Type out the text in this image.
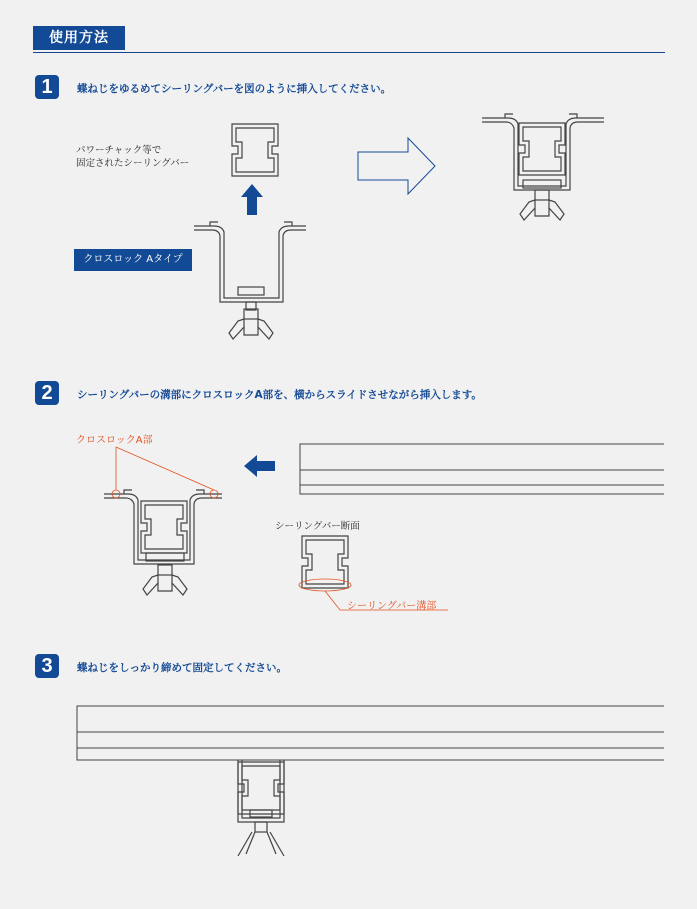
使用方法
1	蝶ねじをゆるめてシーリングバーを図のように挿入してください。
2	シーリングバーの溝部にクロスロックA部を、横からスライドさせながら挿入します。
3	蝶ねじをしっかり締めて固定してください。
パワーチャック等で
固定されたシーリングバー
クロスロック Aタイプ
クロスロックA部
シーリングバー断面
シーリングバー溝部
